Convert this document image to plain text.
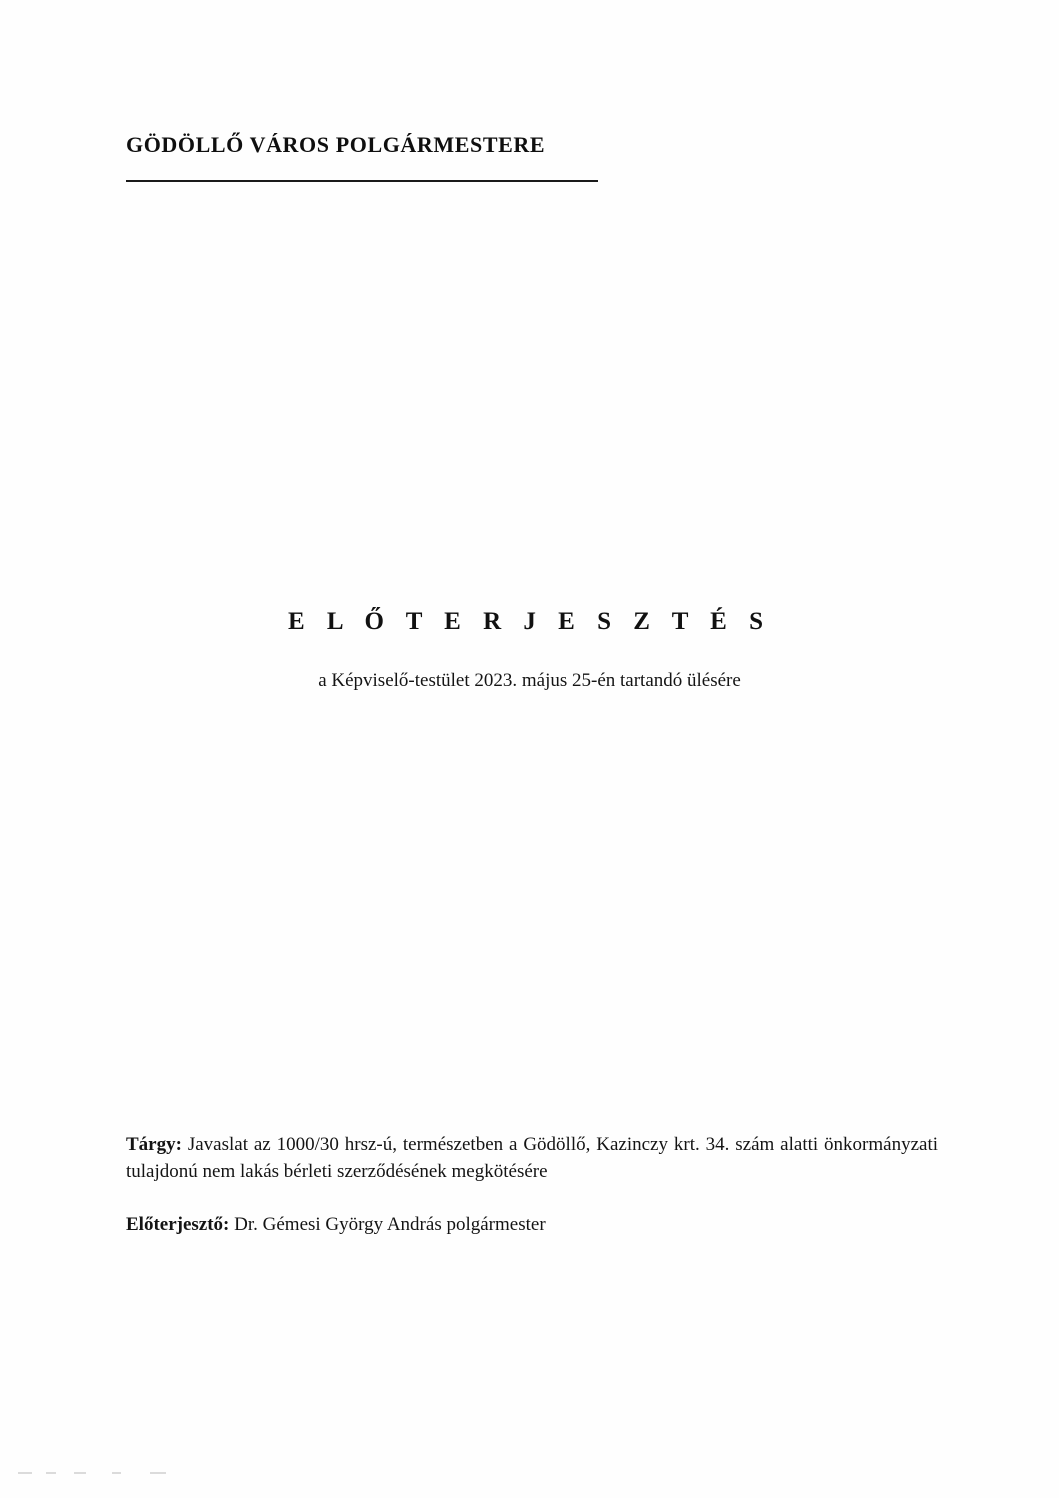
GÖDÖLLŐ VÁROS POLGÁRMESTERE
E L Ő T E R J E S Z T É S
a Képviselő-testület 2023. május 25-én tartandó ülésére
Tárgy: Javaslat az 1000/30 hrsz-ú, természetben a Gödöllő, Kazinczy krt. 34. szám alatti önkormányzati tulajdonú nem lakás bérleti szerződésének megkötésére
Előterjesztő: Dr. Gémesi György András polgármester
